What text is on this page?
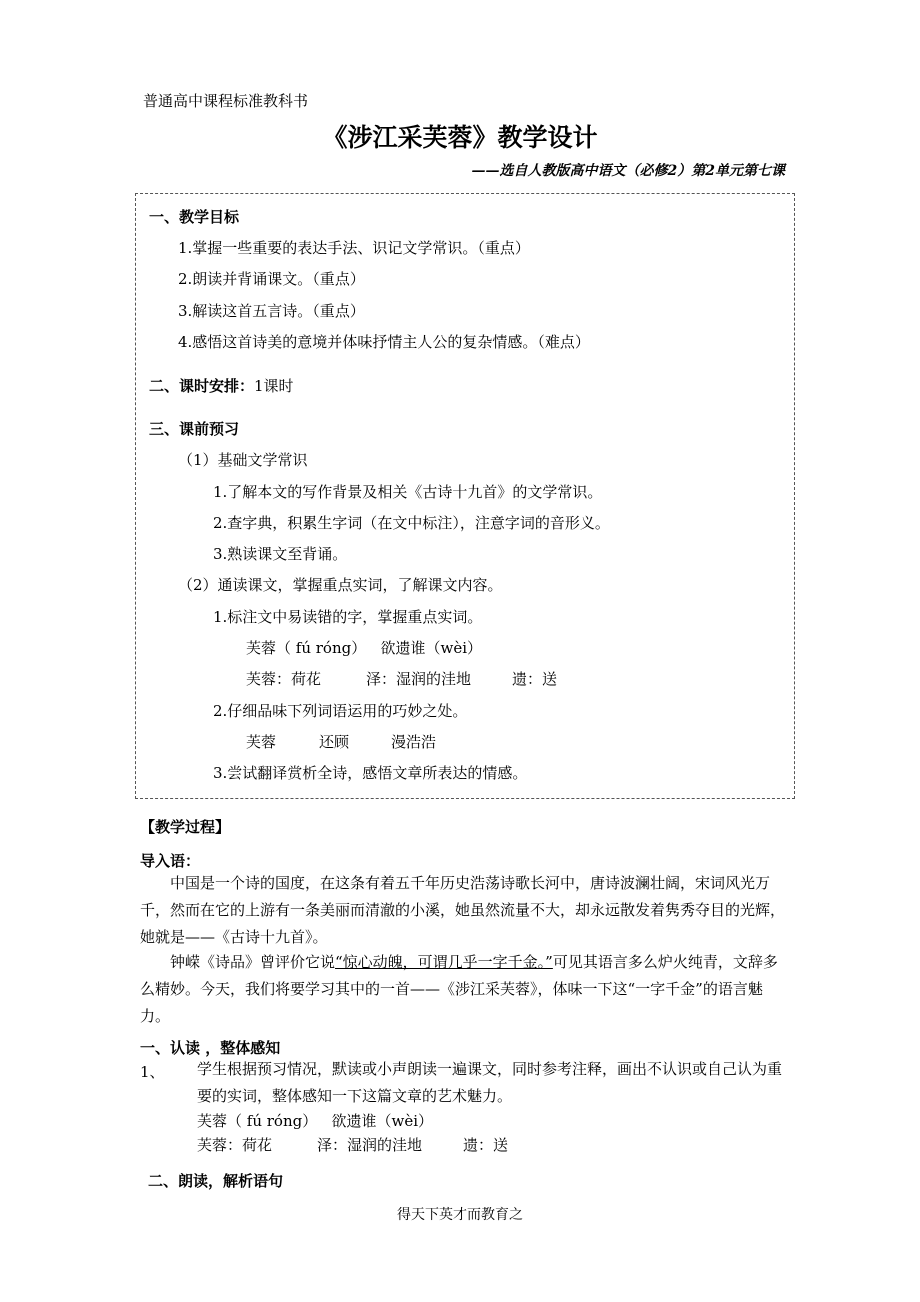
普通高中课程标准教科书
《涉江采芙蓉》教学设计
——选自人教版高中语文（必修2）第2单元第七课
一、教学目标
1.掌握一些重要的表达手法、识记文学常识。（重点）
2.朗读并背诵课文。（重点）
3.解读这首五言诗。（重点）
4.感悟这首诗美的意境并体味抒情主人公的复杂情感。（难点）
二、课时安排：1课时
三、课前预习
（1）基础文学常识
1.了解本文的写作背景及相关《古诗十九首》的文学常识。
2.查字典，积累生字词（在文中标注），注意字词的音形义。
3.熟读课文至背诵。
（2）通读课文，掌握重点实词，了解课文内容。
1.标注文中易读错的字，掌握重点实词。
芙蓉（ fú róng）   欲遗谁（wèi）
芙蓉：荷花	泽：湿润的洼地	遗：送
2.仔细品味下列词语运用的巧妙之处。
芙蓉	还顾	漫浩浩
3.尝试翻译赏析全诗，感悟文章所表达的情感。
【教学过程】
导入语：
中国是一个诗的国度，在这条有着五千年历史浩荡诗歌长河中，唐诗波澜壮阔，宋词风光万千，然而在它的上游有一条美丽而清澈的小溪，她虽然流量不大，却永远散发着隽秀夺目的光辉，她就是——《古诗十九首》。
钟嵘《诗品》曾评价它说“惊心动魄，可谓几乎一字千金。”可见其语言多么炉火纯青，文辞多么精妙。今天，我们将要学习其中的一首——《涉江采芙蓉》，体味一下这“一字千金”的语言魅力。
一、认读 ，整体感知
1、 学生根据预习情况，默读或小声朗读一遍课文，同时参考注释，画出不认识或自己认为重要的实词，整体感知一下这篇文章的艺术魅力。
芙蓉（ fú róng）   欲遗谁（wèi）
芙蓉：荷花	泽：湿润的洼地	遗：送
二、朗读，解析语句
得天下英才而教育之
